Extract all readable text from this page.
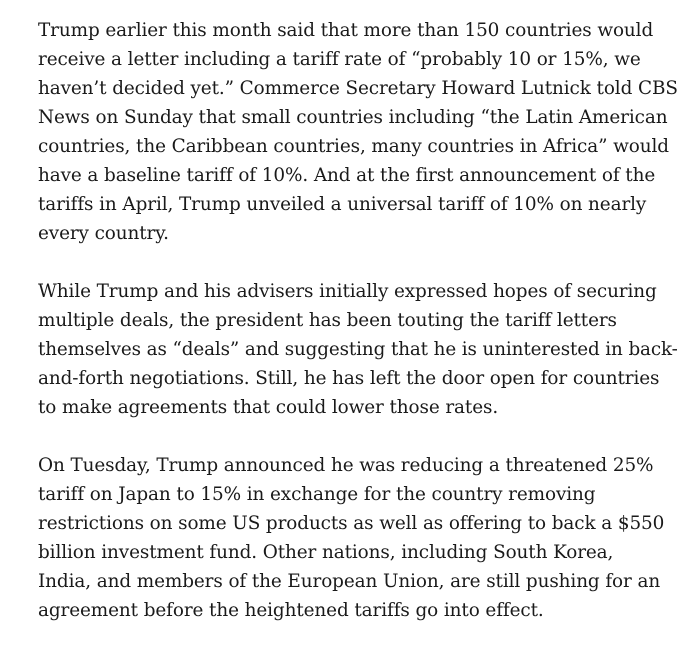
Trump earlier this month said that more than 150 countries would
receive a letter including a tariff rate of “probably 10 or 15%, we
haven’t decided yet.” Commerce Secretary Howard Lutnick told CBS
News on Sunday that small countries including “the Latin American
countries, the Caribbean countries, many countries in Africa” would
have a baseline tariff of 10%. And at the first announcement of the
tariffs in April, Trump unveiled a universal tariff of 10% on nearly
every country.

While Trump and his advisers initially expressed hopes of securing
multiple deals, the president has been touting the tariff letters
themselves as “deals” and suggesting that he is uninterested in back-
and-forth negotiations. Still, he has left the door open for countries
to make agreements that could lower those rates.

On Tuesday, Trump announced he was reducing a threatened 25%
tariff on Japan to 15% in exchange for the country removing
restrictions on some US products as well as offering to back a $550
billion investment fund. Other nations, including South Korea,
India, and members of the European Union, are still pushing for an
agreement before the heightened tariffs go into effect.
